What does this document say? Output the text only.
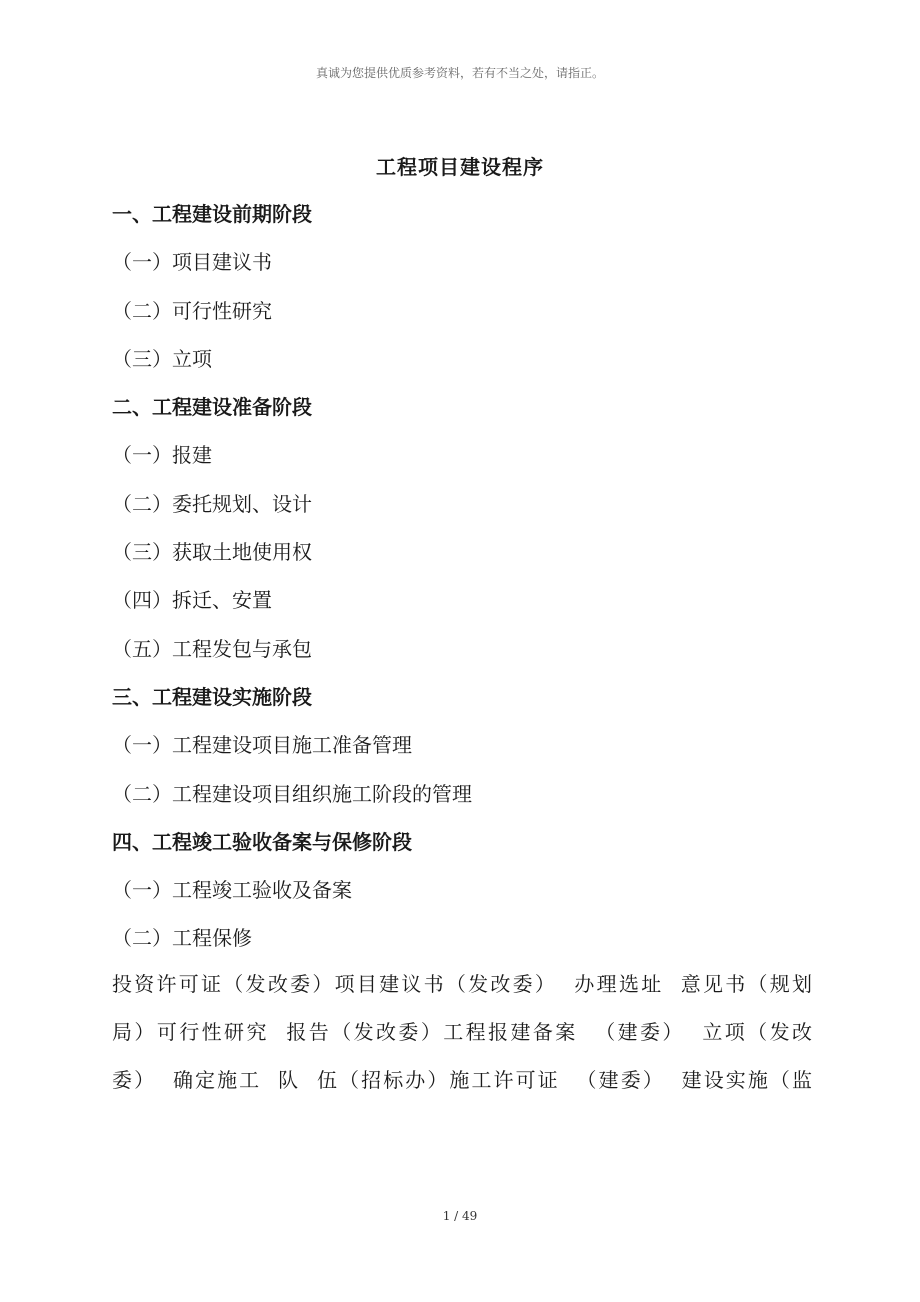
真诚为您提供优质参考资料，若有不当之处，请指正。
工程项目建设程序
一、工程建设前期阶段
（一）项目建议书
（二）可行性研究
（三）立项
二、工程建设准备阶段
（一）报建
（二）委托规划、设计
（三）获取土地使用权
（四）拆迁、安置
（五）工程发包与承包
三、工程建设实施阶段
（一）工程建设项目施工准备管理
（二）工程建设项目组织施工阶段的管理
四、工程竣工验收备案与保修阶段
（一）工程竣工验收及备案
（二）工程保修
投资许可证（发改委）项目建议书（发改委）  办理选址  意见书（规划
局）可行性研究  报告（发改委）工程报建备案  （建委）  立项（发改
委）  确定施工  队  伍（招标办）施工许可证  （建委）  建设实施（监
1 / 49
